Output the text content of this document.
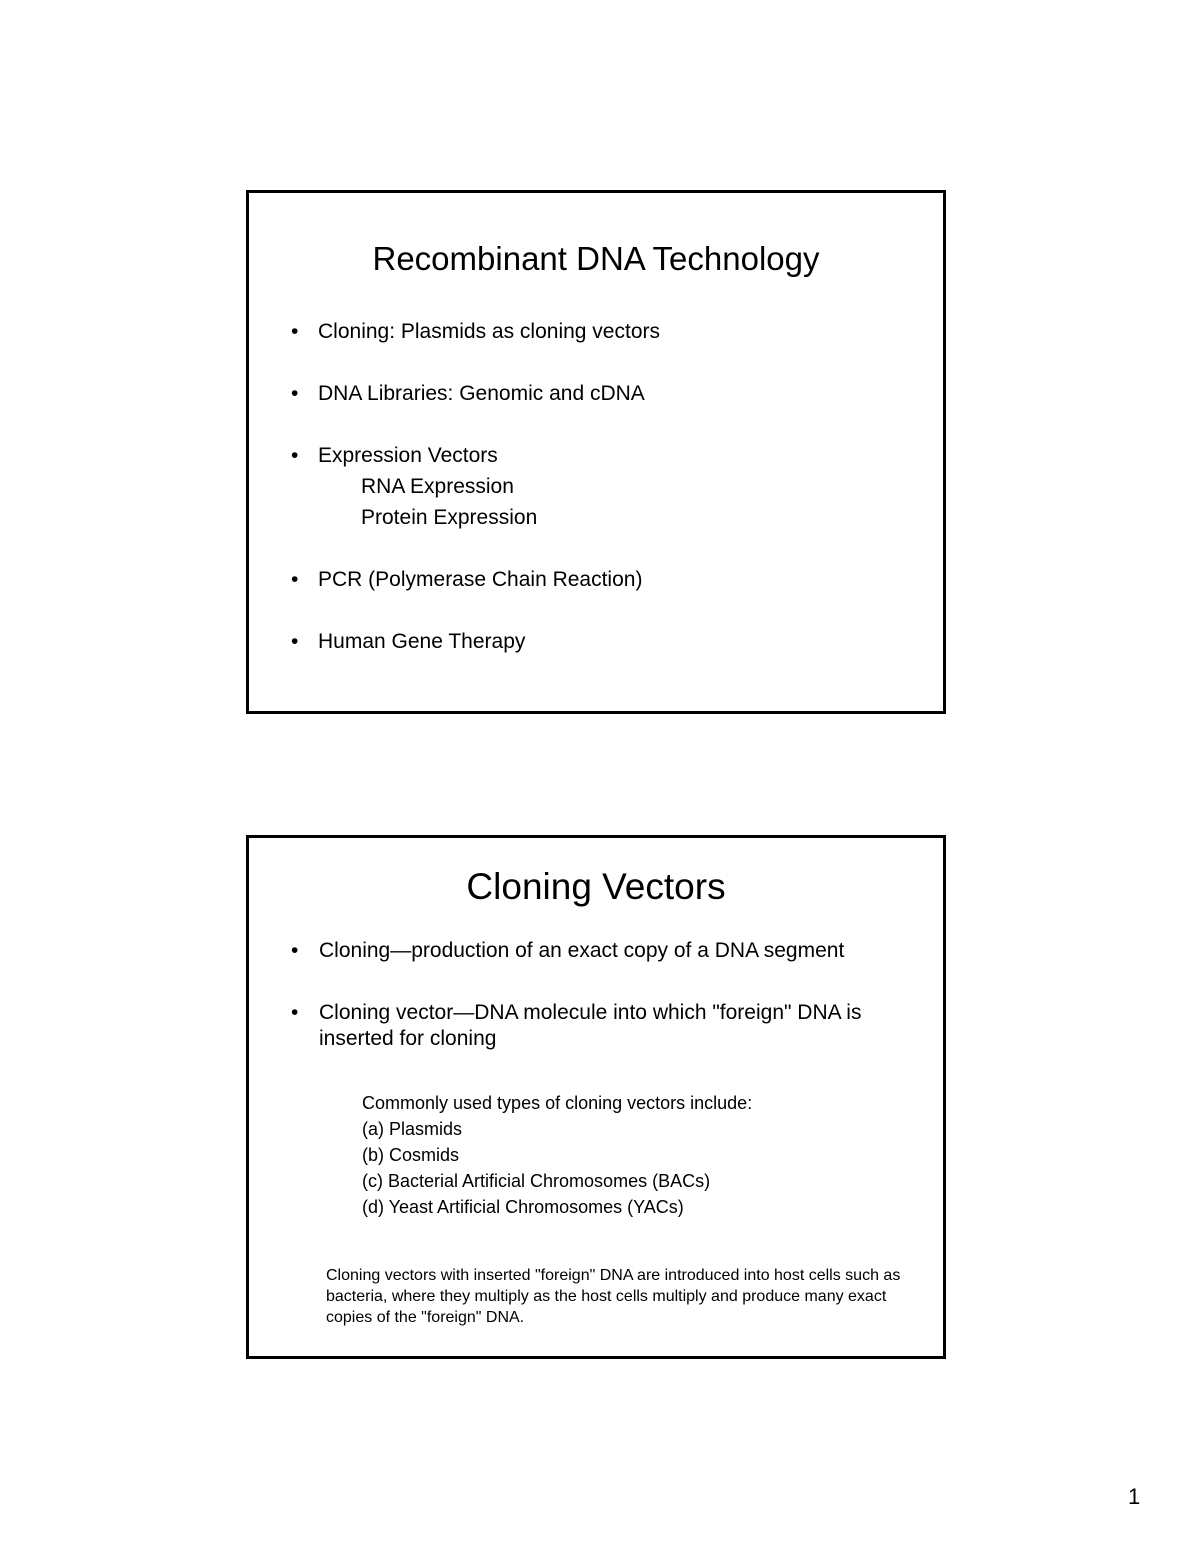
Recombinant DNA Technology
• Cloning: Plasmids as cloning vectors
• DNA Libraries: Genomic and cDNA
• Expression Vectors
RNA Expression
Protein Expression
• PCR (Polymerase Chain Reaction)
• Human Gene Therapy
Cloning Vectors
• Cloning—production of an exact copy of a DNA segment
• Cloning vector—DNA molecule into which "foreign" DNA is inserted for cloning
Commonly used types of cloning vectors include:
(a) Plasmids
(b) Cosmids
(c) Bacterial Artificial Chromosomes (BACs)
(d) Yeast Artificial Chromosomes (YACs)
Cloning vectors with inserted "foreign" DNA are introduced into host cells such as bacteria, where they multiply as the host cells multiply and produce many exact copies of the "foreign" DNA.
1
